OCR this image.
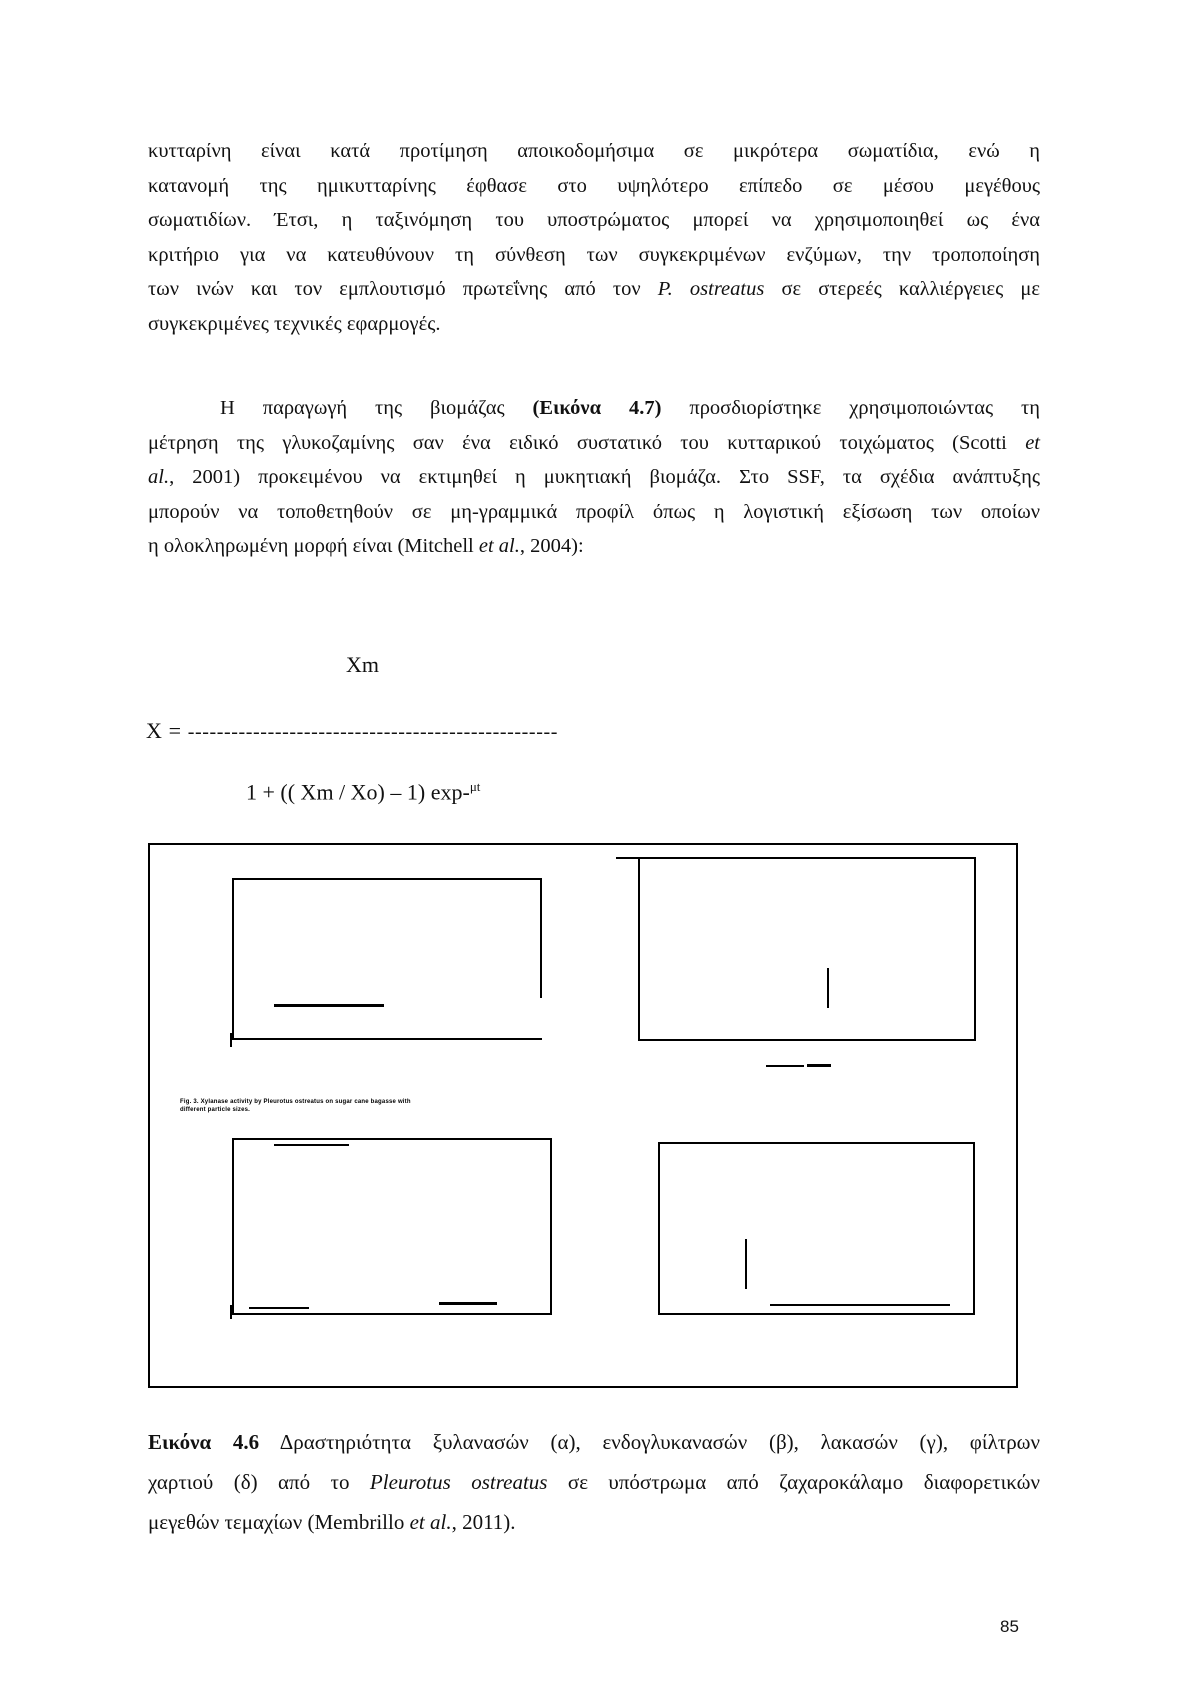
κυτταρίνη είναι κατά προτίμηση αποικοδομήσιμα σε μικρότερα σωματίδια, ενώ η
κατανομή της ημικυτταρίνης έφθασε στο υψηλότερο επίπεδο σε μέσου μεγέθους
σωματιδίων. Έτσι, η ταξινόμηση του υποστρώματος μπορεί να χρησιμοποιηθεί ως ένα
κριτήριο για να κατευθύνουν τη σύνθεση των συγκεκριμένων ενζύμων, την τροποποίηση
των ινών και τον εμπλουτισμό πρωτεΐνης από τον P. ostreatus σε στερεές καλλιέργειες με
συγκεκριμένες τεχνικές εφαρμογές.
Η παραγωγή της βιομάζας (Εικόνα 4.7) προσδιορίστηκε χρησιμοποιώντας τη
μέτρηση της γλυκοζαμίνης σαν ένα ειδικό συστατικό του κυτταρικού τοιχώματος (Scotti et
al., 2001) προκειμένου να εκτιμηθεί η μυκητιακή βιομάζα. Στο SSF, τα σχέδια ανάπτυξης
μπορούν να τοποθετηθούν σε μη-γραμμικά προφίλ όπως η λογιστική εξίσωση των οποίων
η ολοκληρωμένη μορφή είναι (Mitchell et al., 2004):
Xm
X = ---------------------------------------------------
1 + (( Xm / Xo) – 1) exp-$^{\mu t}$
Fig. 3. Xylanase activity by Pleurotus ostreatus on sugar cane bagasse with
different particle sizes.
Εικόνα 4.6 Δραστηριότητα ξυλανασών (α), ενδογλυκανασών (β), λακασών (γ), φίλτρων
χαρτιού (δ) από το Pleurotus ostreatus σε υπόστρωμα από ζαχαροκάλαμο διαφορετικών
μεγεθών τεμαχίων (Membrillo et al., 2011).
85
